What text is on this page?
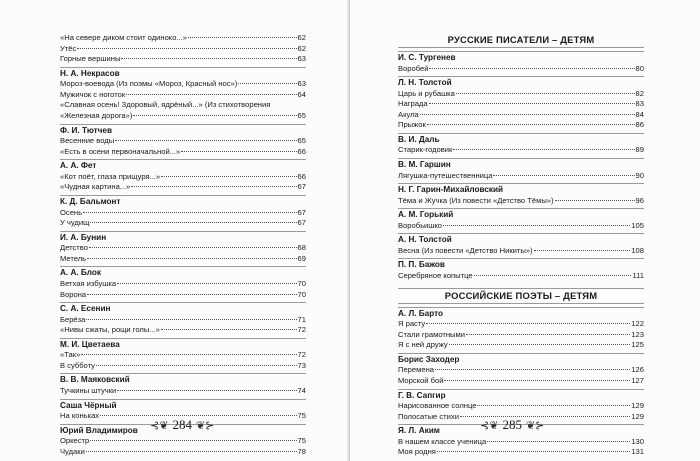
«На севере диком стоит одиноко...»	62
Утёс	62
Горные вершины	63
Н. А. Некрасов
Мороз-воевода (Из поэмы «Мороз, Красный нос»)	63
Мужичок с ноготок	64
«Славная осень! Здоровый, ядрёный...» (Из стихотворения
«Железная дорога»)	65
Ф. И. Тютчев
Весенние воды	65
«Есть в осени первоначальной...»	66
А. А. Фет
«Кот поёт, глаза прищуря...»	66
«Чудная картина...»	67
К. Д. Бальмонт
Осень	67
У чудищ	67
И. А. Бунин
Детство	68
Метель	69
А. А. Блок
Ветхая избушка	70
Ворона	70
С. А. Есенин
Берёза	71
«Нивы сжаты, рощи голы...»	72
М. И. Цветаева
«Так»	72
В субботу	73
В. В. Маяковский
Тучкины штучки	74
Саша Чёрный
На коньках	75
Юрий Владимиров
Оркестр	75
Чудаки	78
⊰❦ 284 ❦⊱
РУССКИЕ ПИСАТЕЛИ – ДЕТЯМ
И. С. Тургенев
Воробей	80
Л. Н. Толстой
Царь и рубашка	82
Награда	83
Акула	84
Прыжок	86
В. И. Даль
Старик-годовик	89
В. М. Гаршин
Лягушка-путешественница	90
Н. Г. Гарин-Михайловский
Тёма и Жучка (Из повести «Детство Тёмы»)	96
А. М. Горький
Воробьишко	105
А. Н. Толстой
Весна (Из повести «Детство Никиты»)	108
П. П. Бажов
Серебряное копытце	111
РОССИЙСКИЕ ПОЭТЫ – ДЕТЯМ
А. Л. Барто
Я расту	122
Стали грамотными	123
Я с ней дружу	125
Борис Заходер
Перемена	126
Морской бой	127
Г. В. Сапгир
Нарисованное солнце	129
Полосатые стихи	129
Я. Л. Аким
В нашем классе ученица	130
Моя родня	131
⊰❦ 285 ❦⊱
